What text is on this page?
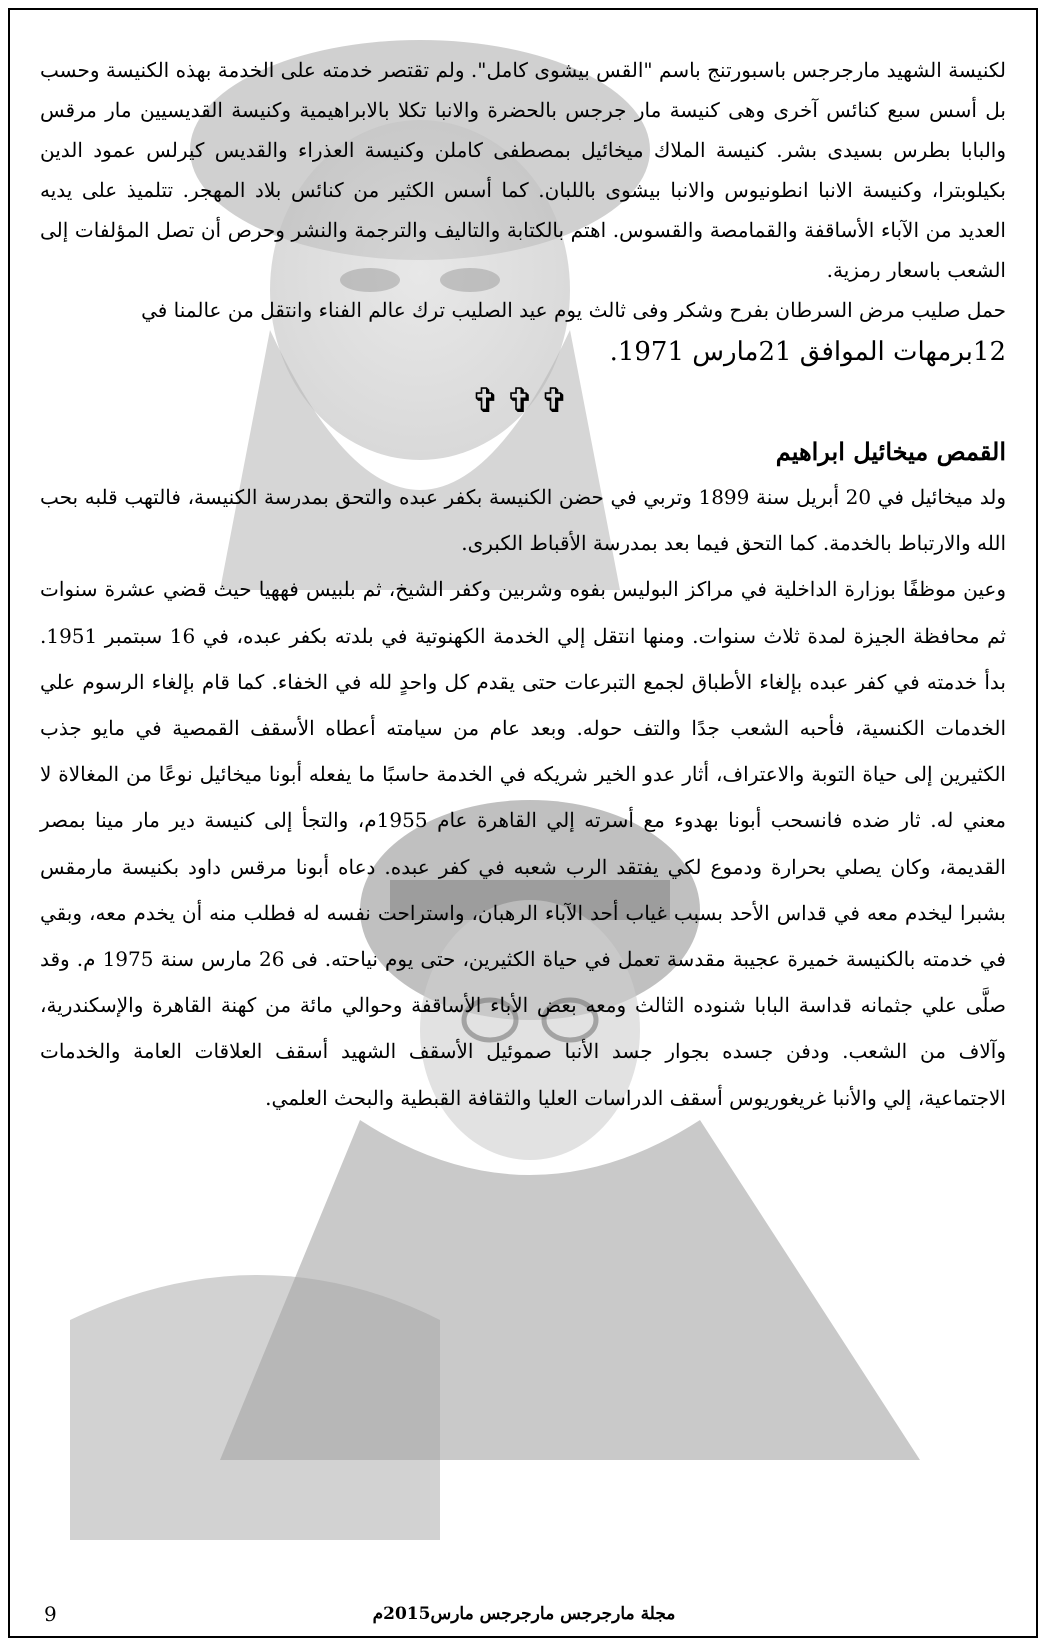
لكنيسة الشهيد مارجرجس باسبورتنج باسم "القس بيشوى كامل". ولم تقتصر خدمته على الخدمة بهذه الكنيسة وحسب بل أسس سبع كنائس آخرى وهى كنيسة مار جرجس بالحضرة والانبا تكلا بالابراهيمية وكنيسة القديسيين مار مرقس والبابا بطرس بسيدى بشر. كنيسة الملاك ميخائيل بمصطفى كاملن وكنيسة العذراء والقديس كيرلس عمود الدين بكيلوبترا، وكنيسة الانبا انطونيوس والانبا بيشوى باللبان. كما أسس الكثير من كنائس بلاد المهجر. تتلميذ على يديه العديد من الآباء الأساقفة والقمامصة والقسوس. اهتم بالكتابة والتاليف والترجمة والنشر وحرص أن تصل المؤلفات إلى الشعب باسعار رمزية.

حمل صليب مرض السرطان بفرح وشكر وفى ثالث يوم عيد الصليب ترك عالم الفناء وانتقل من عالمنا في

12برمهات الموافق 21مارس 1971.

✞✞✞
القمص ميخائيل ابراهيم

ولد ميخائيل في 20 أبريل سنة 1899 وتربي في حضن الكنيسة بكفر عبده والتحق بمدرسة الكنيسة، فالتهب قلبه بحب الله والارتباط بالخدمة. كما التحق فيما بعد بمدرسة الأقباط الكبرى.

وعين موظفًا بوزارة الداخلية في مراكز البوليس بفوه وشربين وكفر الشيخ، ثم بلبيس فههيا حيث قضي عشرة سنوات ثم محافظة الجيزة لمدة ثلاث سنوات. ومنها انتقل إلي الخدمة الكهنوتية في بلدته بكفر عبده، في 16 سبتمبر 1951. بدأ خدمته في كفر عبده بإلغاء الأطباق لجمع التبرعات حتى يقدم كل واحدٍ لله في الخفاء. كما قام بإلغاء الرسوم علي الخدمات الكنسية، فأحبه الشعب جدًا والتف حوله. وبعد عام من سيامته أعطاه الأسقف القمصية في مايو جذب الكثيرين إلى حياة التوبة والاعتراف، أثار عدو الخير شريكه في الخدمة حاسبًا ما يفعله أبونا ميخائيل نوعًا من المغالاة لا معني له. ثار ضده فانسحب أبونا بهدوء مع أسرته إلي القاهرة عام 1955م، والتجأ إلى كنيسة دير مار مينا بمصر القديمة، وكان يصلي بحرارة ودموع لكي يفتقد الرب شعبه في كفر عبده. دعاه أبونا مرقس داود بكنيسة مارمقس بشبرا ليخدم معه في قداس الأحد بسبب غياب أحد الآباء الرهبان، واستراحت نفسه له فطلب منه أن يخدم معه، وبقي في خدمته بالكنيسة خميرة عجيبة مقدسة تعمل في حياة الكثيرين، حتى يوم نياحته. فى 26 مارس سنة 1975 م. وقد صلَّى علي جثمانه قداسة البابا شنوده الثالث ومعه بعض الأباء الأساقفة وحوالي مائة من كهنة القاهرة والإسكندرية، وآلاف من الشعب. ودفن جسده بجوار جسد الأنبا صموئيل الأسقف الشهيد أسقف العلاقات العامة والخدمات الاجتماعية، إلي والأنبا غريغوريوس أسقف الدراسات العليا والثقافة القبطية والبحث العلمي.

9	مجلة مارجرجس مارجرجس مارس2015م
